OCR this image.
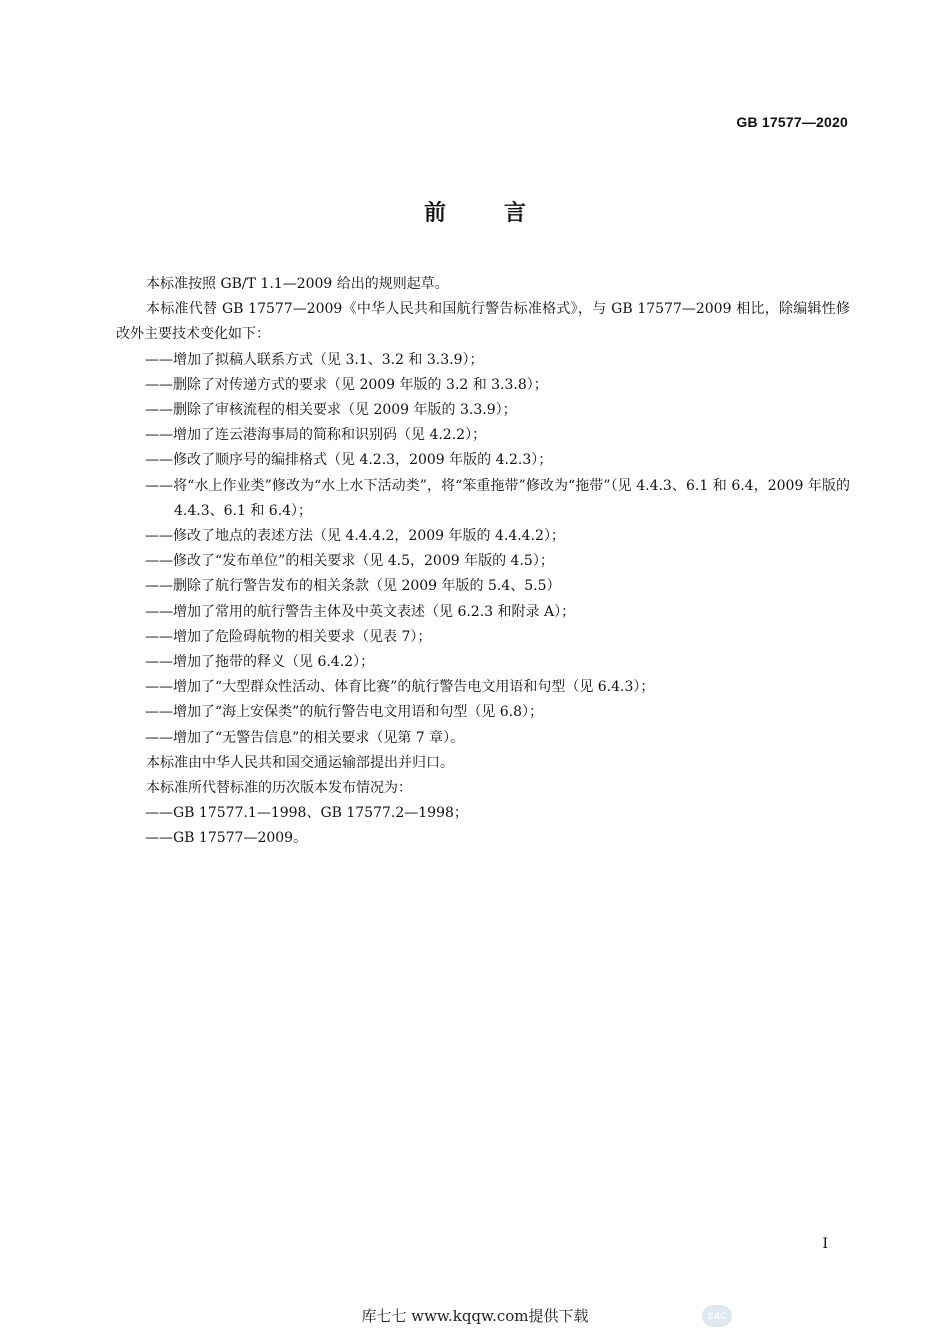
GB 17577—2020
前言

本标准按照 GB/T 1.1—2009 给出的规则起草。

本标准代替 GB 17577—2009《中华人民共和国航行警告标准格式》，与 GB 17577—2009 相比，除编辑性修改外主要技术变化如下：

——增加了拟稿人联系方式（见 3.1、3.2 和 3.3.9）；

——删除了对传递方式的要求（见 2009 年版的 3.2 和 3.3.8）；

——删除了审核流程的相关要求（见 2009 年版的 3.3.9）；

——增加了连云港海事局的简称和识别码（见 4.2.2）；

——修改了顺序号的编排格式（见 4.2.3，2009 年版的 4.2.3）；

——将“水上作业类”修改为“水上水下活动类”，将“笨重拖带”修改为“拖带”（见 4.4.3、6.1 和 6.4，2009 年版的 4.4.3、6.1 和 6.4）；

——修改了地点的表述方法（见 4.4.4.2，2009 年版的 4.4.4.2）；

——修改了“发布单位”的相关要求（见 4.5，2009 年版的 4.5）；

——删除了航行警告发布的相关条款（见 2009 年版的 5.4、5.5）

——增加了常用的航行警告主体及中英文表述（见 6.2.3 和附录 A）；

——增加了危险碍航物的相关要求（见表 7）；

——增加了拖带的释义（见 6.4.2）；

——增加了“大型群众性活动、体育比赛”的航行警告电文用语和句型（见 6.4.3）；

——增加了“海上安保类”的航行警告电文用语和句型（见 6.8）；

——增加了“无警告信息”的相关要求（见第 7 章）。

本标准由中华人民共和国交通运输部提出并归口。

本标准所代替标准的历次版本发布情况为：

——GB 17577.1—1998、GB 17577.2—1998；

——GB 17577—2009。

I
库七七 www.kqqw.com提供下载	SAC
